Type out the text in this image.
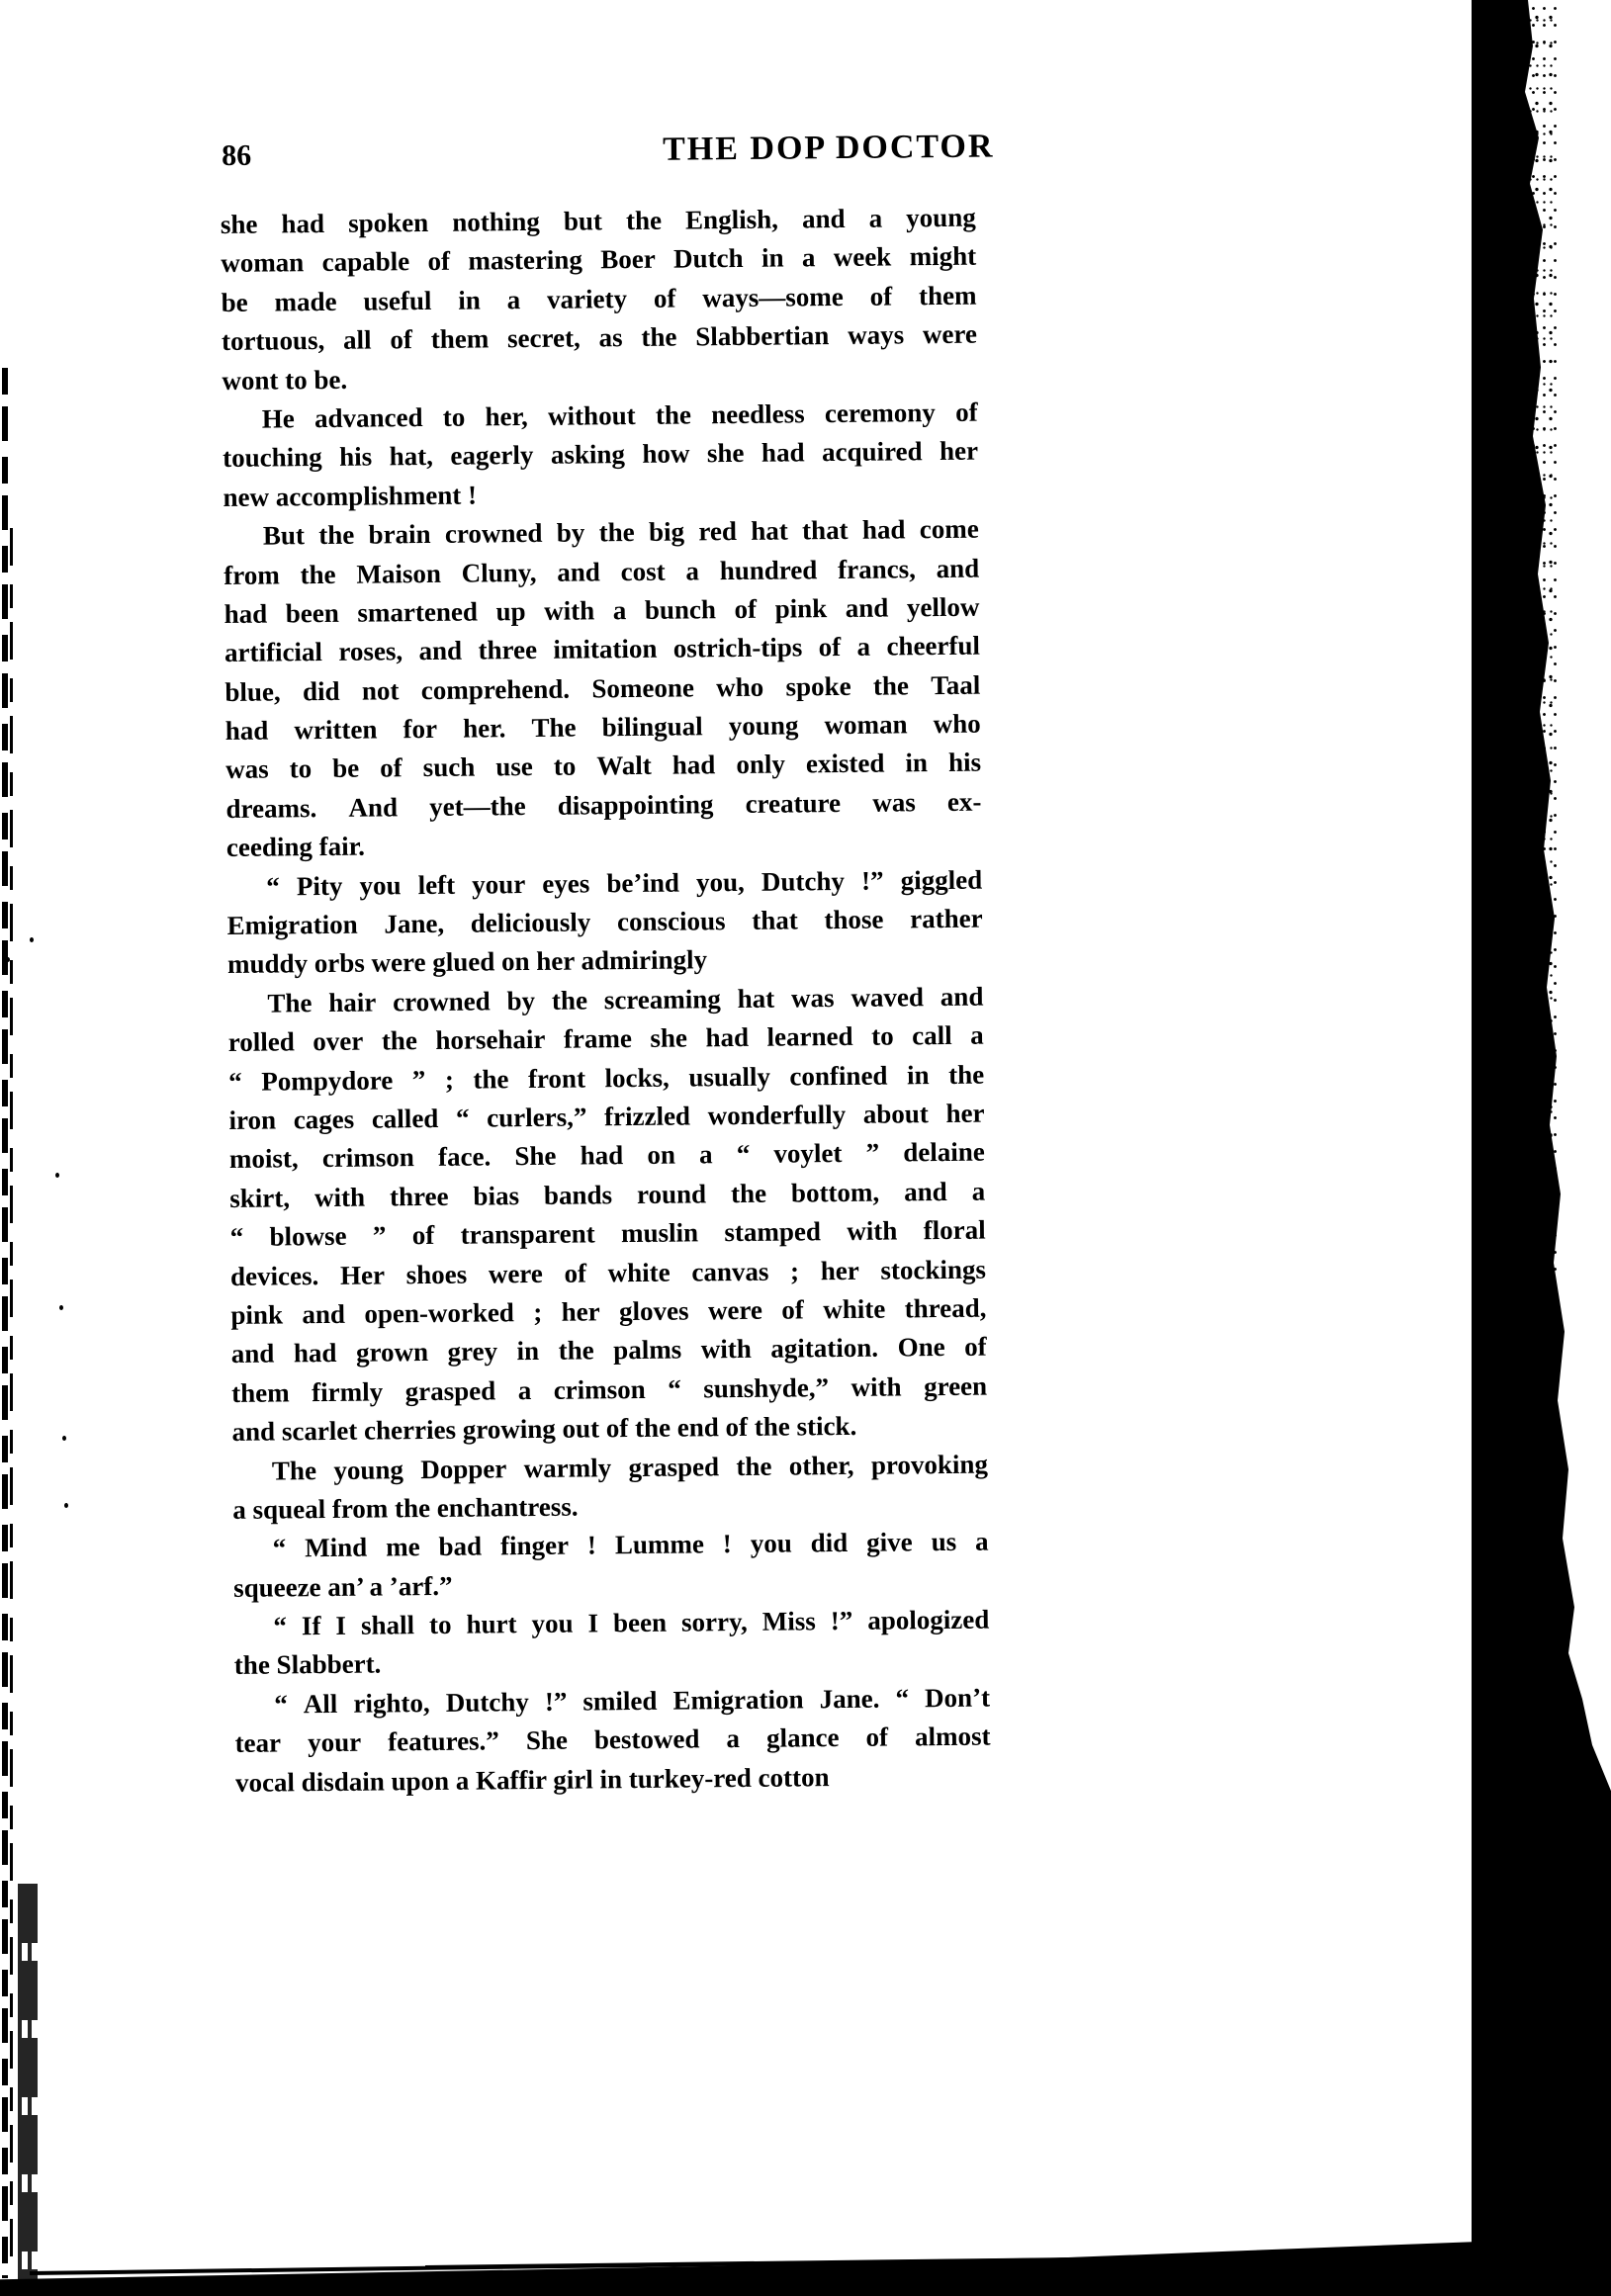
86	THE DOP DOCTOR
she had spoken nothing but the English, and a young
woman capable of mastering Boer Dutch in a week might
be made useful in a variety of ways—some of them
tortuous, all of them secret, as the Slabbertian ways were
wont to be.
He advanced to her, without the needless ceremony of
touching his hat, eagerly asking how she had acquired her
new accomplishment !
But the brain crowned by the big red hat that had come
from the Maison Cluny, and cost a hundred francs, and
had been smartened up with a bunch of pink and yellow
artificial roses, and three imitation ostrich-tips of a cheerful
blue, did not comprehend. Someone who spoke the Taal
had written for her. The bilingual young woman who
was to be of such use to Walt had only existed in his
dreams. And yet—the disappointing creature was ex-
ceeding fair.
“ Pity you left your eyes be’ind you, Dutchy !” giggled
Emigration Jane, deliciously conscious that those rather
muddy orbs were glued on her admiringly
The hair crowned by the screaming hat was waved and
rolled over the horsehair frame she had learned to call a
“ Pompydore ” ; the front locks, usually confined in the
iron cages called “ curlers,” frizzled wonderfully about her
moist, crimson face. She had on a “ voylet ” delaine
skirt, with three bias bands round the bottom, and a
“ blowse ” of transparent muslin stamped with floral
devices. Her shoes were of white canvas ; her stockings
pink and open-worked ; her gloves were of white thread,
and had grown grey in the palms with agitation. One of
them firmly grasped a crimson “ sunshyde,” with green
and scarlet cherries growing out of the end of the stick.
The young Dopper warmly grasped the other, provoking
a squeal from the enchantress.
“ Mind me bad finger ! Lumme ! you did give us a
squeeze an’ a ’arf.”
“ If I shall to hurt you I been sorry, Miss !” apologized
the Slabbert.
“ All righto, Dutchy !” smiled Emigration Jane. “ Don’t
tear your features.” She bestowed a glance of almost
vocal disdain upon a Kaffir girl in turkey-red cotton
